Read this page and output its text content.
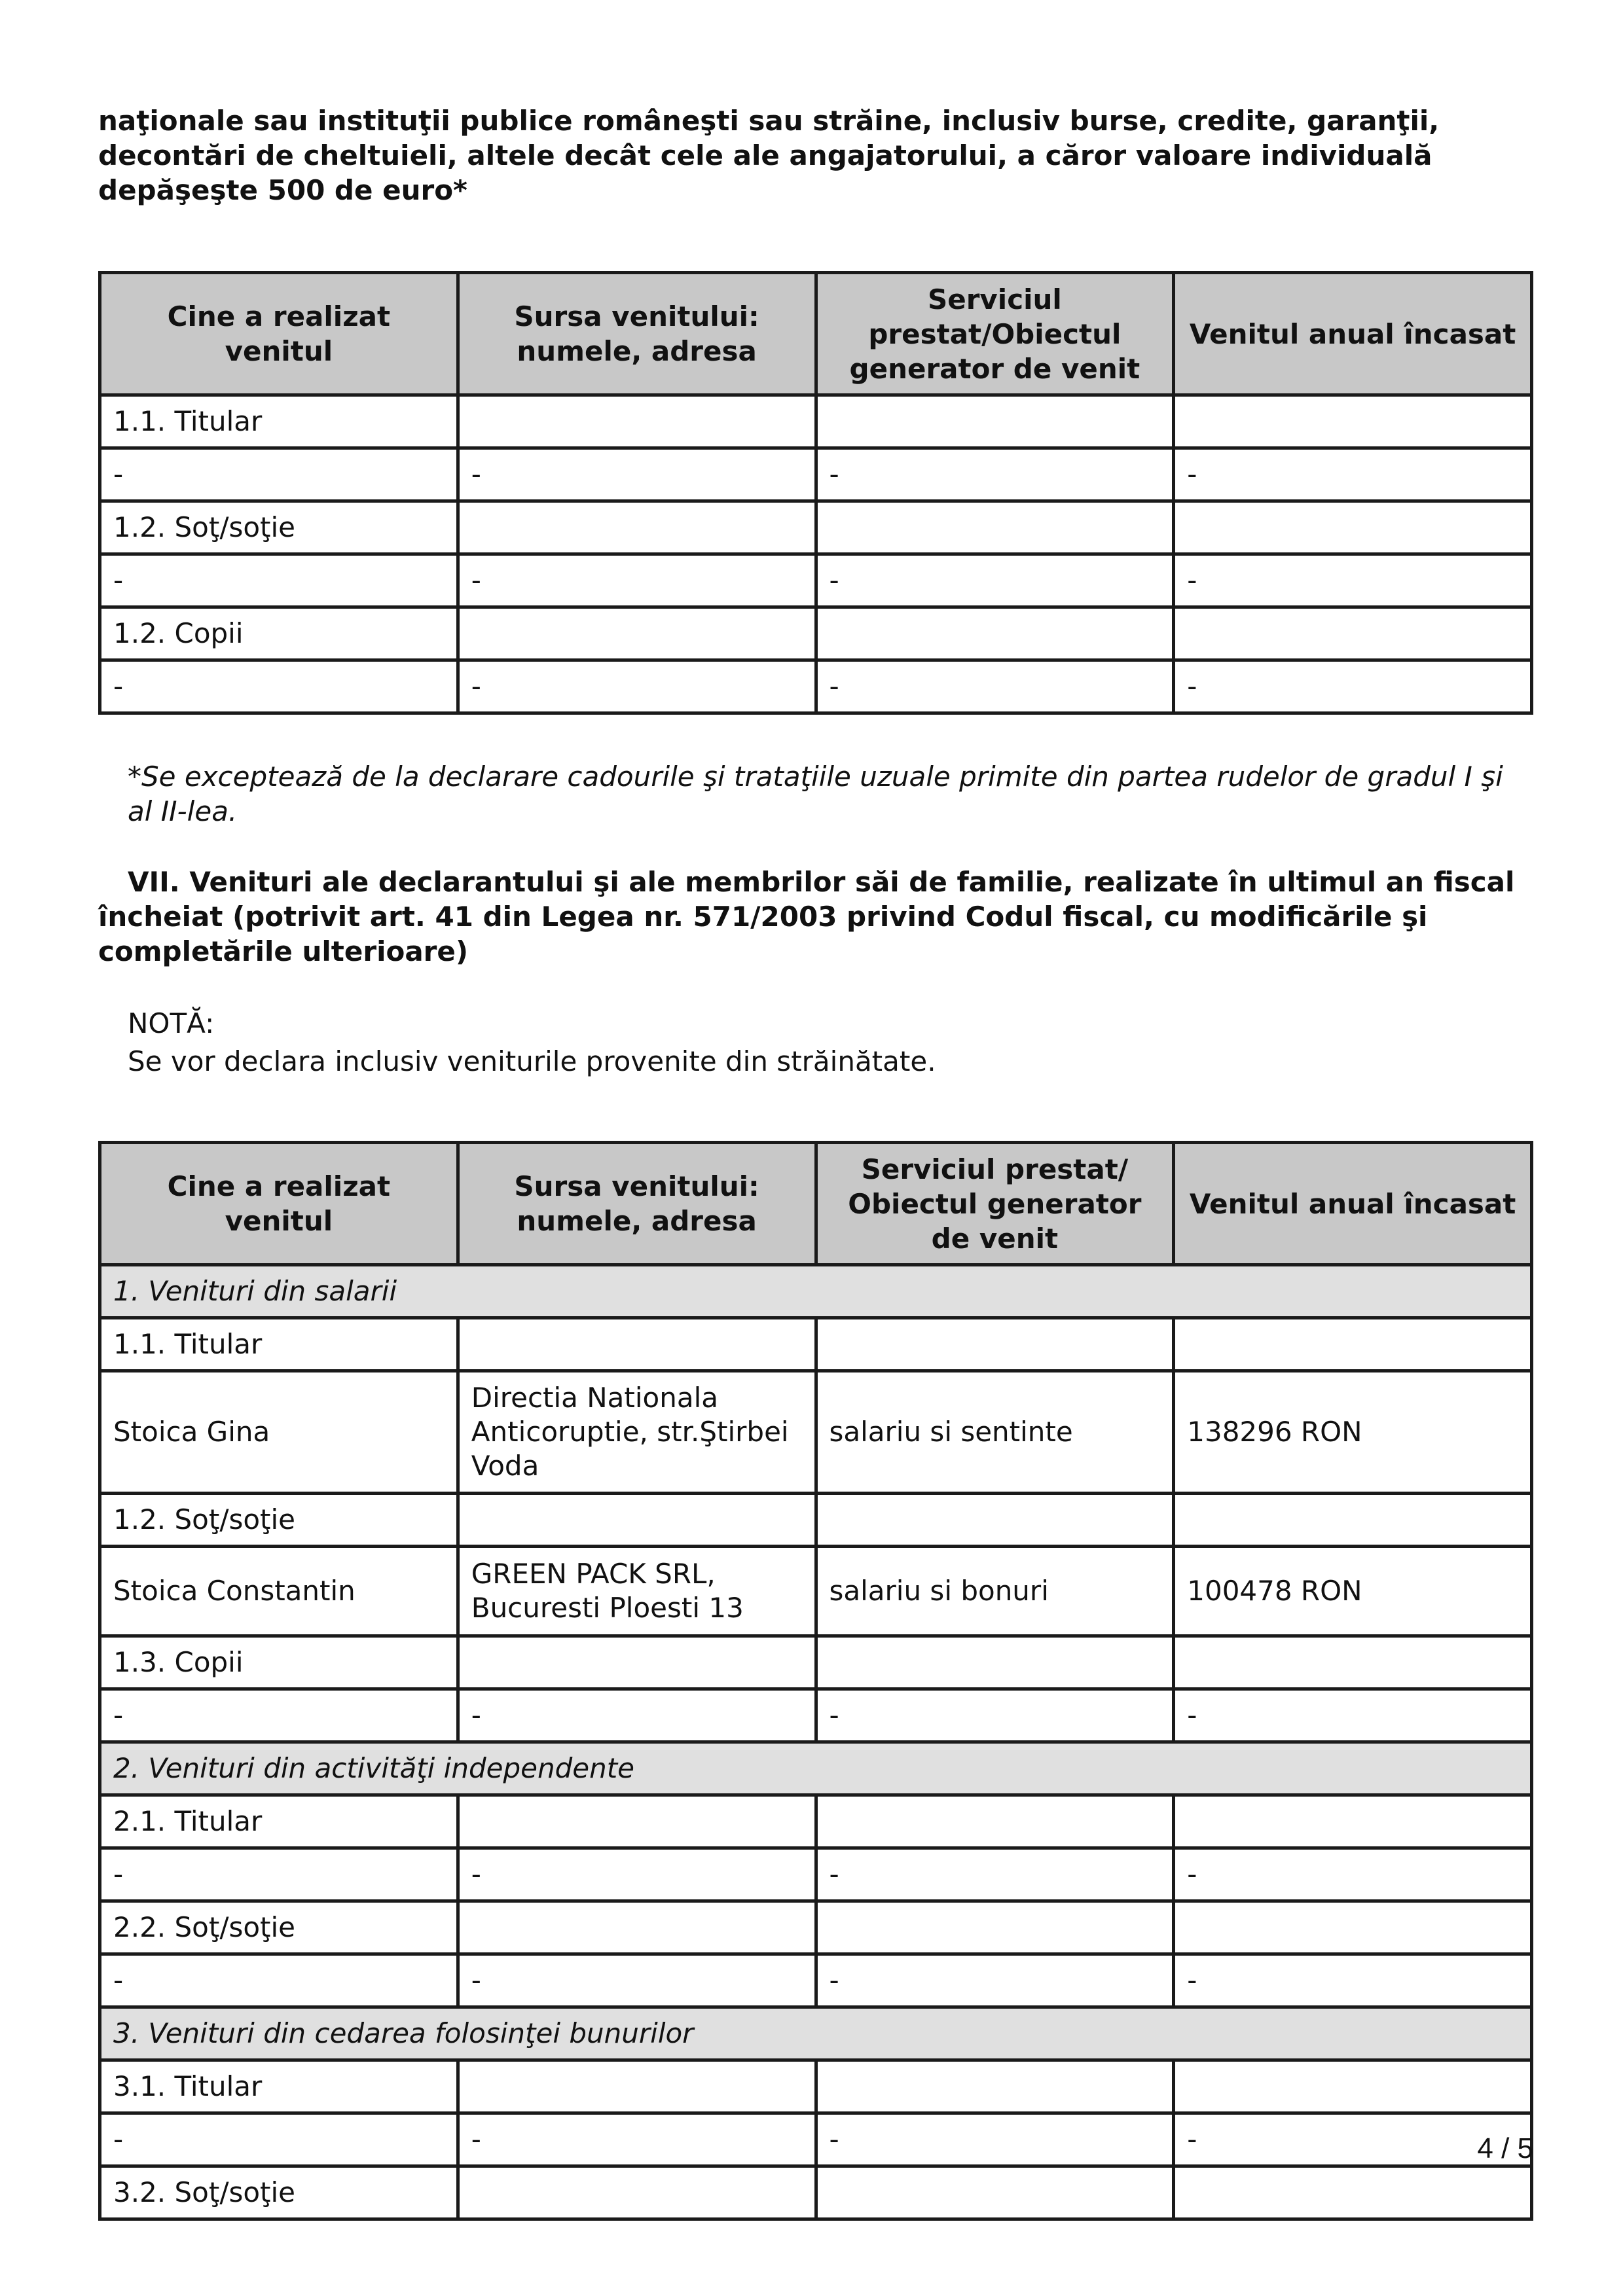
naţionale sau instituţii publice româneşti sau străine, inclusiv burse, credite, garanţii, decontări de cheltuieli, altele decât cele ale angajatorului, a căror valoare individuală depăşeşte 500 de euro*

Cine a realizat venitul	Sursa venitului: numele, adresa	Serviciul prestat/Obiectul generator de venit	Venitul anual încasat
1.1. Titular			
-	-	-	-
1.2. Soţ/soţie			
-	-	-	-
1.2. Copii			
-	-	-	-

*Se exceptează de la declarare cadourile şi trataţiile uzuale primite din partea rudelor de gradul I şi al II-lea.

VII. Venituri ale declarantului şi ale membrilor săi de familie, realizate în ultimul an fiscal încheiat (potrivit art. 41 din Legea nr. 571/2003 privind Codul fiscal, cu modificările şi completările ulterioare)

NOTĂ:
Se vor declara inclusiv veniturile provenite din străinătate.
Cine a realizat venitul	Sursa venitului: numele, adresa	Serviciul prestat/ Obiectul generator de venit	Venitul anual încasat
1. Venituri din salarii			
1.1. Titular			
Stoica Gina	Directia Nationala Anticoruptie, str.Ştirbei Voda	salariu si sentinte	138296 RON
1.2. Soţ/soţie			
Stoica Constantin	GREEN PACK SRL, Bucuresti Ploesti 13	salariu si bonuri	100478 RON
1.3. Copii			
-	-	-	-
2. Venituri din activităţi independente			
2.1. Titular			
-	-	-	-
2.2. Soţ/soţie			
-	-	-	-
3. Venituri din cedarea folosinţei bunurilor			
3.1. Titular			
-	-	-	-
3.2. Soţ/soţie			
4 / 5
